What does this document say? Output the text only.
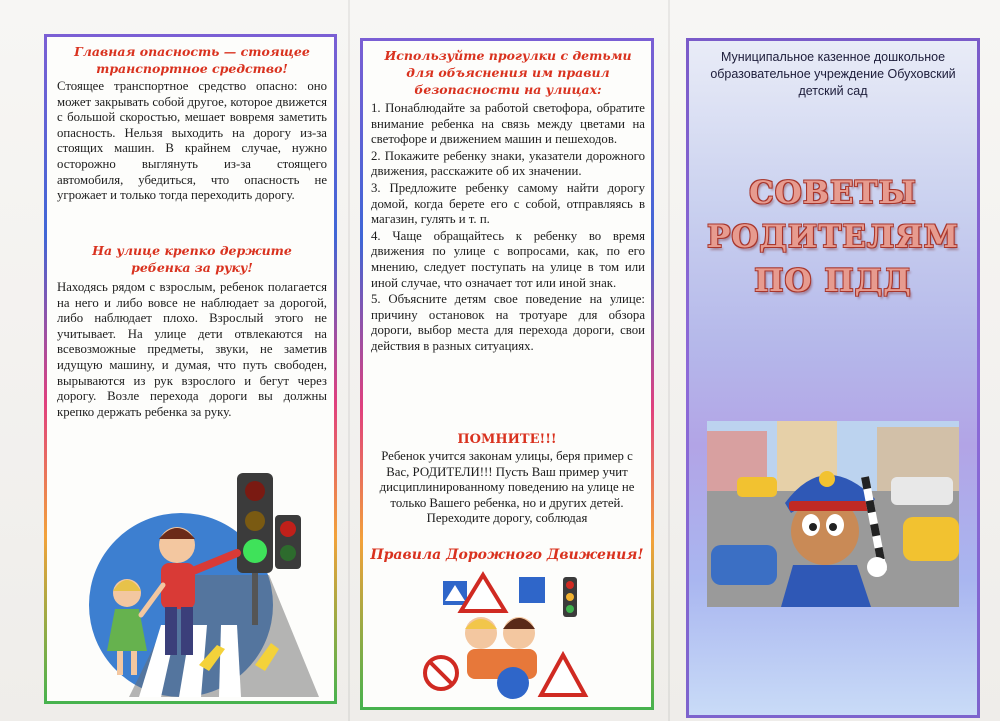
Главная опасность — стоящее транспортное средство!

Стоящее транспортное средство опасно: оно может закрывать собой другое, которое движется с большой скоростью, мешает вовремя заметить опасность. Нельзя выходить на дорогу из-за стоящих машин. В крайнем случае, нужно осторожно выглянуть из-за стоящего автомобиля, убедиться, что опасность не угрожает и только тогда переходить дорогу.

На улице крепко держите ребенка за руку!

Находясь рядом с взрослым, ребенок полагается на него и либо вовсе не наблюдает за дорогой, либо наблюдает плохо. Взрослый этого не учитывает. На улице дети отвлекаются на всевозможные предметы, звуки, не заметив идущую машину, и думая, что путь свободен, вырываются из рук взрослого и бегут через дорогу. Возле перехода дороги вы должны крепко держать ребенка за руку.

Используйте прогулки с детьми для объяснения им правил безопасности на улицах:
1. Понаблюдайте за работой светофора, обратите внимание ребенка на связь между цветами на светофоре и движением машин и пешеходов.
2. Покажите ребенку знаки, указатели дорожного движения, расскажите об их значении.
3. Предложите ребенку самому найти дорогу домой, когда берете его с собой, отправляясь в магазин, гулять и т. п.
4. Чаще обращайтесь к ребенку во время движения по улице с вопросами, как, по его мнению, следует поступать на улице в том или иной случае, что означает тот или иной знак.
5. Объясните детям свое поведение на улице: причину остановок на тротуаре для обзора дороги, выбор места для перехода дороги, свои действия в разных ситуациях.
ПОМНИТЕ!!!
Ребенок учится законам улицы, беря пример с Вас, РОДИТЕЛИ!!! Пусть Ваш пример учит дисциплинированному поведению на улице не только Вашего ребенка, но и других детей. Переходите дорогу, соблюдая
Правила Дорожного Движения!
Муниципальное казенное дошкольное образовательное учреждение Обуховский детский сад
СОВЕТЫ
РОДИТЕЛЯМ
ПО ПДД
